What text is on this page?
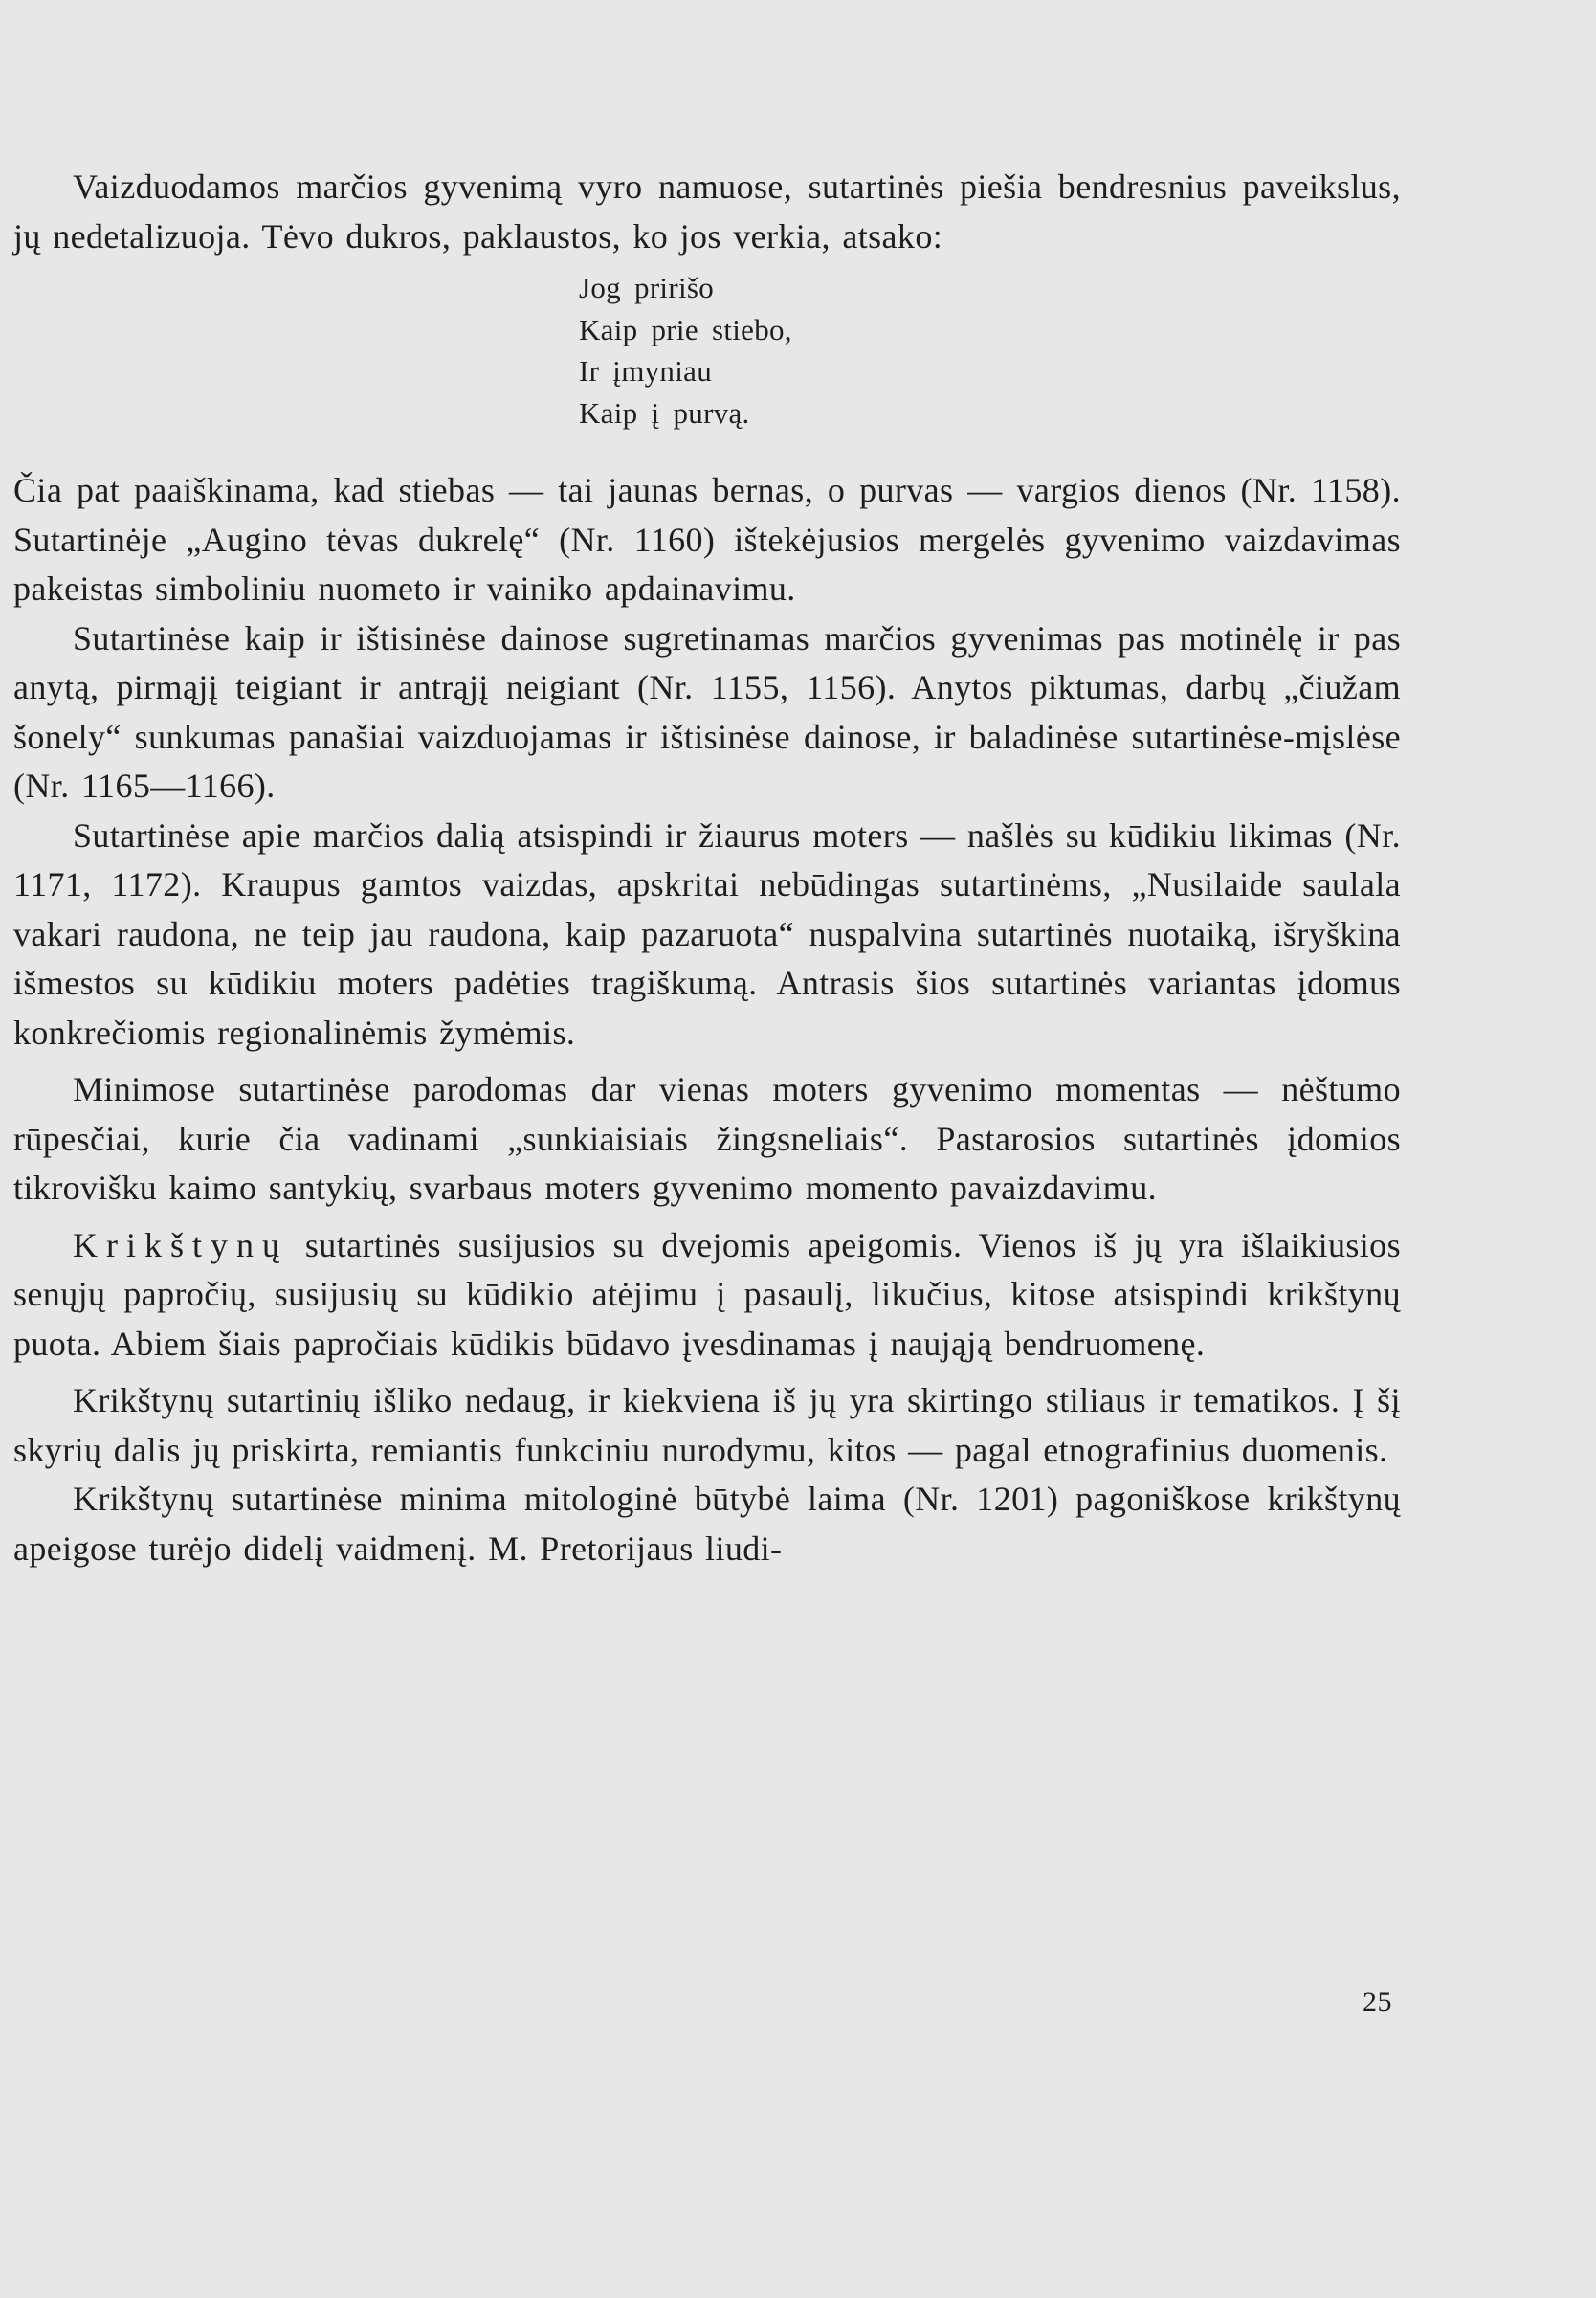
Vaizduodamos marčios gyvenimą vyro namuose, sutartinės piešia bendresnius paveikslus, jų nedetalizuoja. Tėvo dukros, paklaustos, ko jos verkia, atsako:

Jog pririšo
Kaip prie stiebo,
Ir įmyniau
Kaip į purvą.

Čia pat paaiškinama, kad stiebas — tai jaunas bernas, o purvas — vargios dienos (Nr. 1158). Sutartinėje „Augino tėvas dukrelę“ (Nr. 1160) ištekėjusios mergelės gyvenimo vaizdavimas pakeistas simboliniu nuometo ir vainiko apdainavimu.

Sutartinėse kaip ir ištisinėse dainose sugretinamas marčios gyvenimas pas motinėlę ir pas anytą, pirmąjį teigiant ir antrąjį neigiant (Nr. 1155, 1156). Anytos piktumas, darbų „čiužam šonely“ sunkumas panašiai vaizduojamas ir ištisinėse dainose, ir baladinėse sutartinėse-mįslėse (Nr. 1165—1166).

Sutartinėse apie marčios dalią atsispindi ir žiaurus moters — našlės su kūdikiu likimas (Nr. 1171, 1172). Kraupus gamtos vaizdas, apskritai nebūdingas sutartinėms, „Nusilaide saulala vakari raudona, ne teip jau raudona, kaip pazaruota“ nuspalvina sutartinės nuotaiką, išryškina išmestos su kūdikiu moters padėties tragiškumą. Antrasis šios sutartinės variantas įdomus konkrečiomis regionalinėmis žymėmis.

Minimose sutartinėse parodomas dar vienas moters gyvenimo momentas — nėštumo rūpesčiai, kurie čia vadinami „sunkiaisiais žingsneliais“. Pastarosios sutartinės įdomios tikrovišku kaimo santykių, svarbaus moters gyvenimo momento pavaizdavimu.

Krikštynų sutartinės susijusios su dvejomis apeigomis. Vienos iš jų yra išlaikiusios senųjų papročių, susijusių su kūdikio atėjimu į pasaulį, likučius, kitose atsispindi krikštynų puota. Abiem šiais papročiais kūdikis būdavo įvesdinamas į naująją bendruomenę.

Krikštynų sutartinių išliko nedaug, ir kiekviena iš jų yra skirtingo stiliaus ir tematikos. Į šį skyrių dalis jų priskirta, remiantis funkciniu nurodymu, kitos — pagal etnografinius duomenis.

Krikštynų sutartinėse minima mitologinė būtybė laima (Nr. 1201) pagoniškose krikštynų apeigose turėjo didelį vaidmenį. M. Pretorijaus liudi-

25
